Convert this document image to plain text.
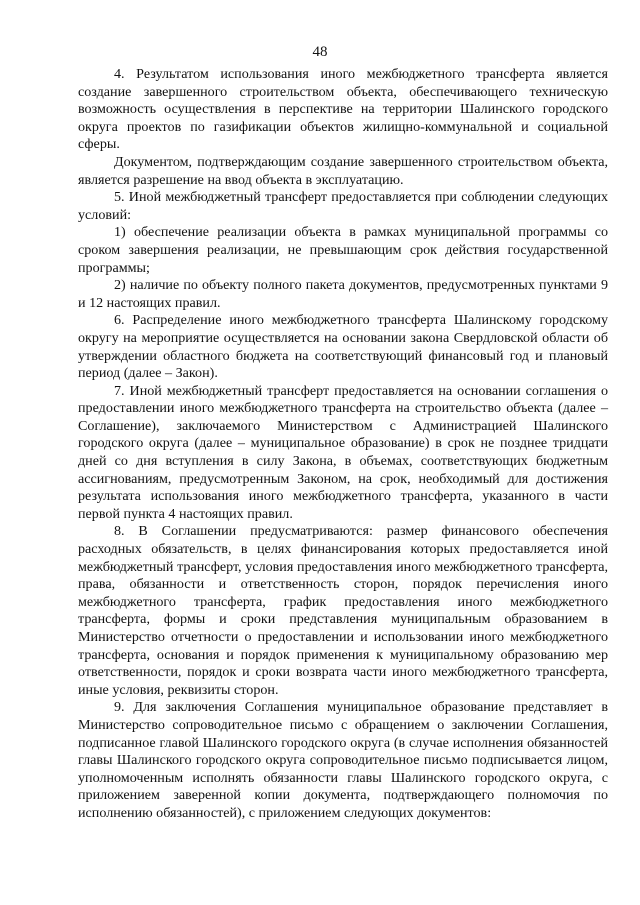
48

4. Результатом использования иного межбюджетного трансферта является создание завершенного строительством объекта, обеспечивающего техническую возможность осуществления в перспективе на территории Шалинского городского округа проектов по газификации объектов жилищно-коммунальной и социальной сферы.

Документом, подтверждающим создание завершенного строительством объекта, является разрешение на ввод объекта в эксплуатацию.

5. Иной межбюджетный трансферт предоставляется при соблюдении следующих условий:

1) обеспечение реализации объекта в рамках муниципальной программы со сроком завершения реализации, не превышающим срок действия государственной программы;

2) наличие по объекту полного пакета документов, предусмотренных пунктами 9 и 12 настоящих правил.

6. Распределение иного межбюджетного трансферта Шалинскому городскому округу на мероприятие осуществляется на основании закона Свердловской области об утверждении областного бюджета на соответствующий финансовый год и плановый период (далее – Закон).

7. Иной межбюджетный трансферт предоставляется на основании соглашения о предоставлении иного межбюджетного трансферта на строительство объекта (далее – Соглашение), заключаемого Министерством с Администрацией Шалинского городского округа (далее – муниципальное образование) в срок не позднее тридцати дней со дня вступления в силу Закона, в объемах, соответствующих бюджетным ассигнованиям, предусмотренным Законом, на срок, необходимый для достижения результата использования иного межбюджетного трансферта, указанного в части первой пункта 4 настоящих правил.

8. В Соглашении предусматриваются: размер финансового обеспечения расходных обязательств, в целях финансирования которых предоставляется иной межбюджетный трансферт, условия предоставления иного межбюджетного трансферта, права, обязанности и ответственность сторон, порядок перечисления иного межбюджетного трансферта, график предоставления иного межбюджетного трансферта, формы и сроки представления муниципальным образованием в Министерство отчетности о предоставлении и использовании иного межбюджетного трансферта, основания и порядок применения к муниципальному образованию мер ответственности, порядок и сроки возврата части иного межбюджетного трансферта, иные условия, реквизиты сторон.

9. Для заключения Соглашения муниципальное образование представляет в Министерство сопроводительное письмо с обращением о заключении Соглашения, подписанное главой Шалинского городского округа (в случае исполнения обязанностей главы Шалинского городского округа сопроводительное письмо подписывается лицом, уполномоченным исполнять обязанности главы Шалинского городского округа, с приложением заверенной копии документа, подтверждающего полномочия по исполнению обязанностей), с приложением следующих документов:
